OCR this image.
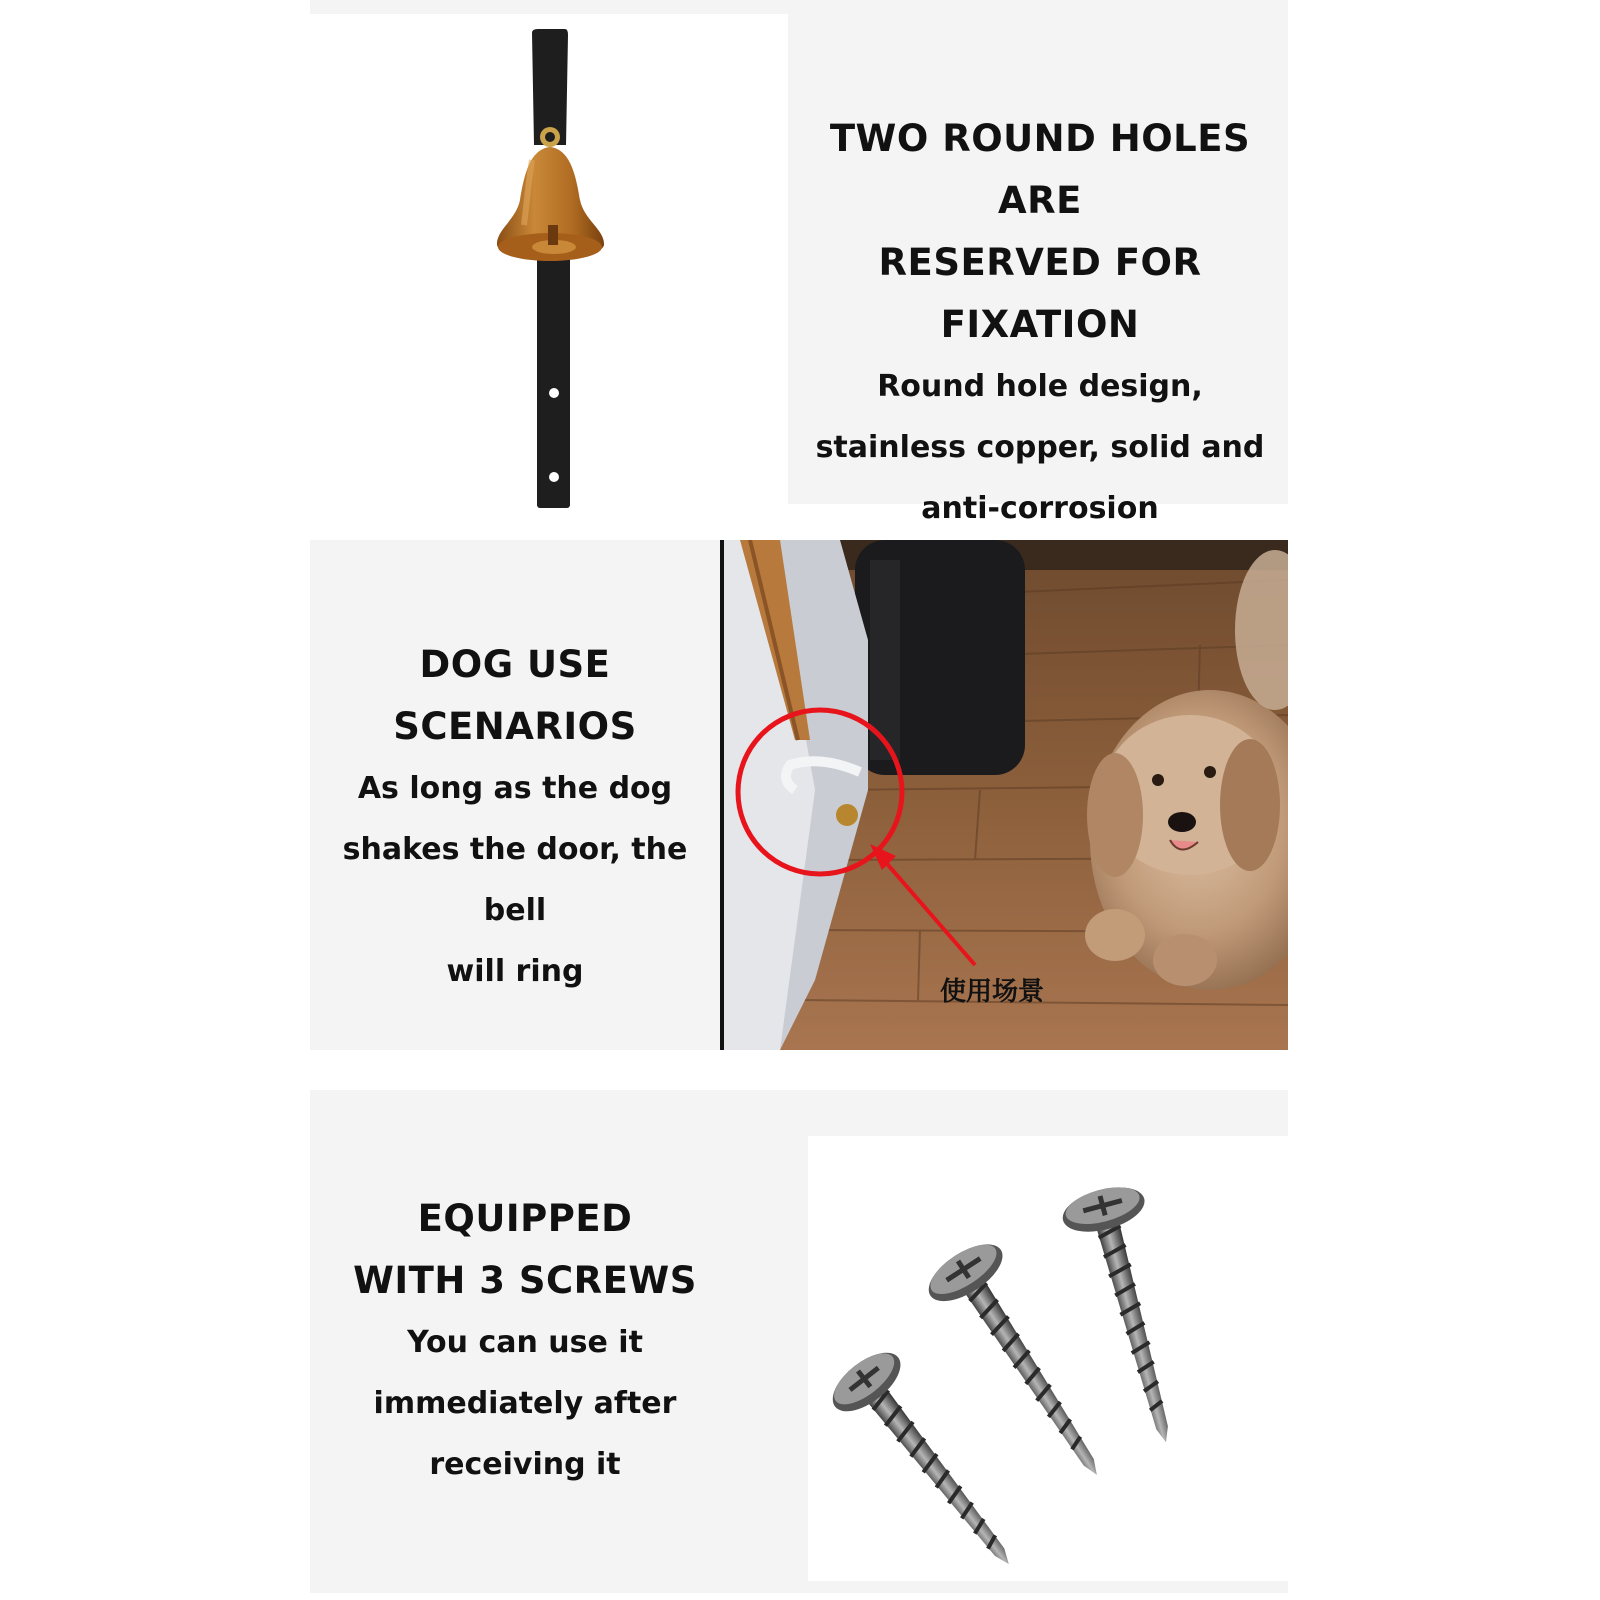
TWO ROUND HOLES ARE
RESERVED FOR FIXATION
Round hole design,
stainless copper, solid and
anti-corrosion
DOG USE
SCENARIOS
As long as the dog
shakes the door, the bell
will ring
使用场景
EQUIPPED
WITH 3 SCREWS
You can use it
immediately after
receiving it
